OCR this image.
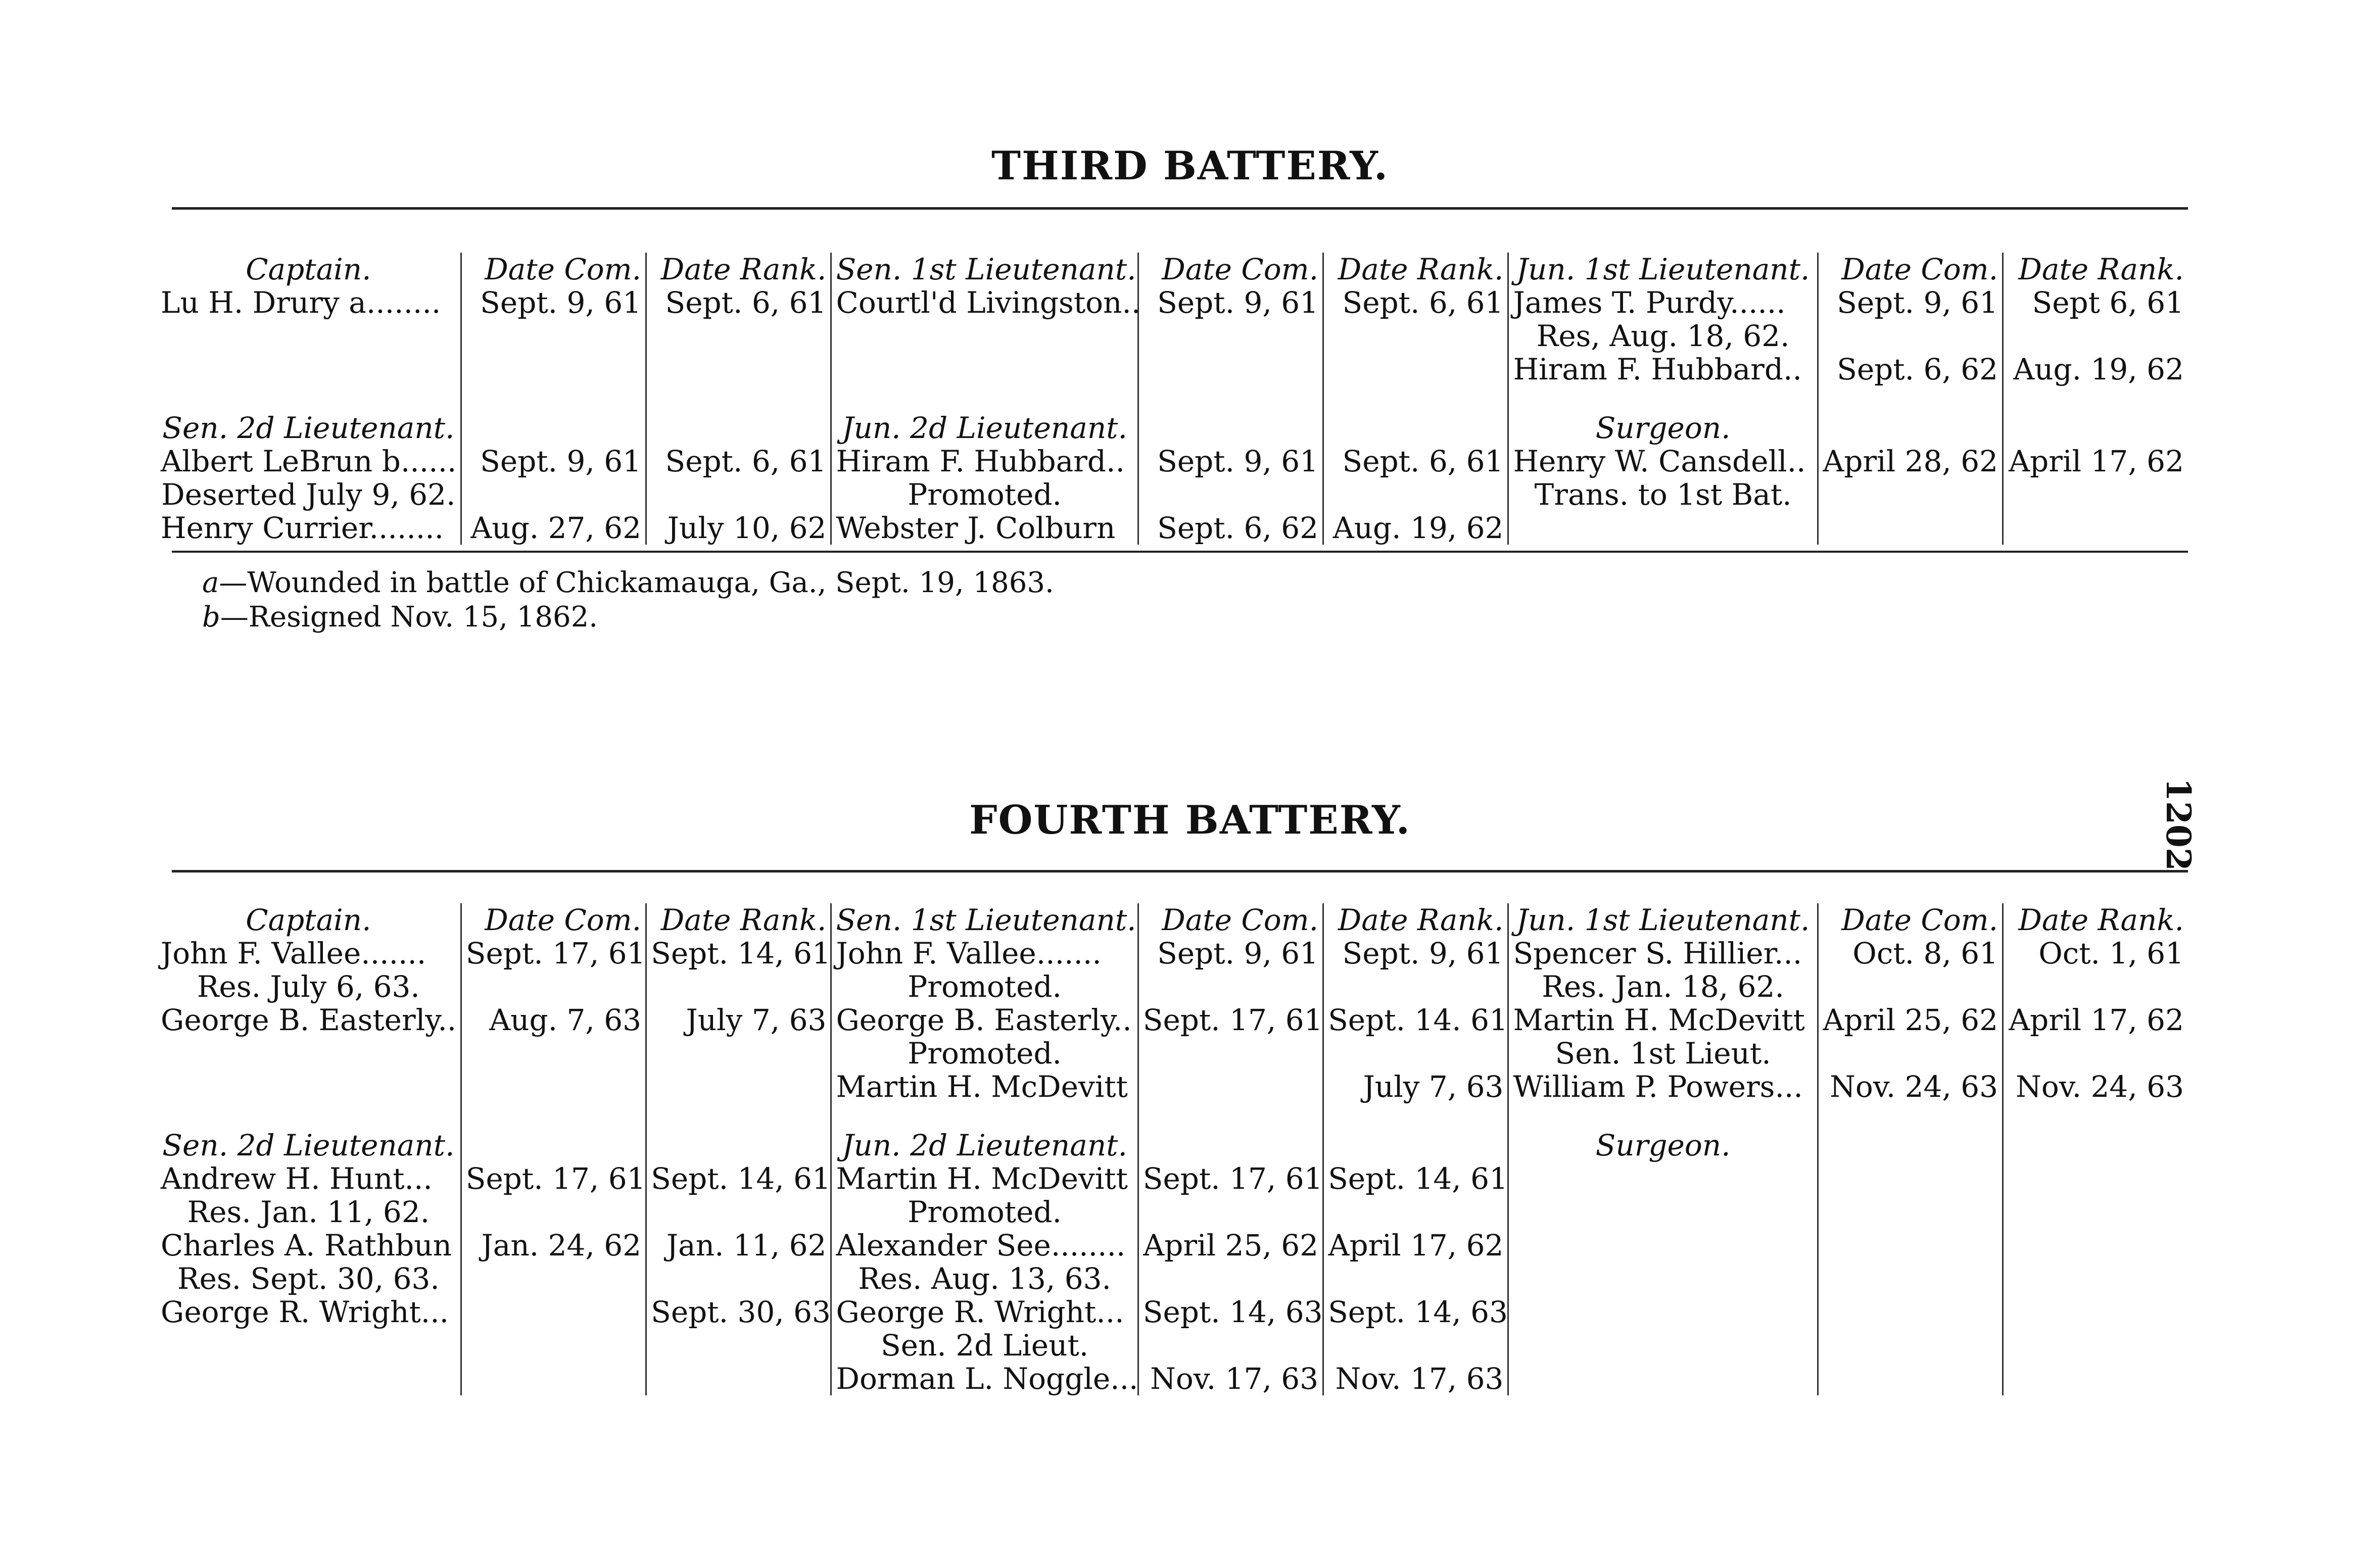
THIRD BATTERY.
Captain.	Date Com.	Date Rank.	Sen. 1st Lieutenant.	Date Com.	Date Rank.	Jun. 1st Lieutenant.	Date Com.	Date Rank.
Lu H. Drury a........	Sept. 9, 61	Sept. 6, 61	Courtl'd Livingston..	Sept. 9, 61	Sept. 6, 61	James T. Purdy......	Sept. 9, 61	Sept 6, 61
						Res, Aug. 18, 62.		
						Hiram F. Hubbard..	Sept. 6, 62	Aug. 19, 62

Sen. 2d Lieutenant.			Jun. 2d Lieutenant.			Surgeon.		
Albert LeBrun b......	Sept. 9, 61	Sept. 6, 61	Hiram F. Hubbard..	Sept. 9, 61	Sept. 6, 61	Henry W. Cansdell..	April 28, 62	April 17, 62
Deserted July 9, 62.			Promoted.			Trans. to 1st Bat.		
Henry Currier........	Aug. 27, 62	July 10, 62	Webster J. Colburn	Sept. 6, 62	Aug. 19, 62			
a—Wounded in battle of Chickamauga, Ga., Sept. 19, 1863.
b—Resigned Nov. 15, 1862.
FOURTH BATTERY.
Captain.	Date Com.	Date Rank.	Sen. 1st Lieutenant.	Date Com.	Date Rank.	Jun. 1st Lieutenant.	Date Com.	Date Rank.
John F. Vallee.......	Sept. 17, 61	Sept. 14, 61	John F. Vallee.......	Sept. 9, 61	Sept. 9, 61	Spencer S. Hillier...	Oct. 8, 61	Oct. 1, 61
Res. July 6, 63.			Promoted.			Res. Jan. 18, 62.		
George B. Easterly..	Aug. 7, 63	July 7, 63	George B. Easterly..	Sept. 17, 61	Sept. 14. 61	Martin H. McDevitt	April 25, 62	April 17, 62
			Promoted.			Sen. 1st Lieut.		
			Martin H. McDevitt		July 7, 63	William P. Powers...	Nov. 24, 63	Nov. 24, 63

Sen. 2d Lieutenant.			Jun. 2d Lieutenant.			Surgeon.		
Andrew H. Hunt...	Sept. 17, 61	Sept. 14, 61	Martin H. McDevitt	Sept. 17, 61	Sept. 14, 61			
Res. Jan. 11, 62.			Promoted.					
Charles A. Rathbun	Jan. 24, 62	Jan. 11, 62	Alexander See........	April 25, 62	April 17, 62			
Res. Sept. 30, 63.			Res. Aug. 13, 63.					
George R. Wright...		Sept. 30, 63	George R. Wright...	Sept. 14, 63	Sept. 14, 63			
			Sen. 2d Lieut.					
			Dorman L. Noggle...	Nov. 17, 63	Nov. 17, 63			
1202
